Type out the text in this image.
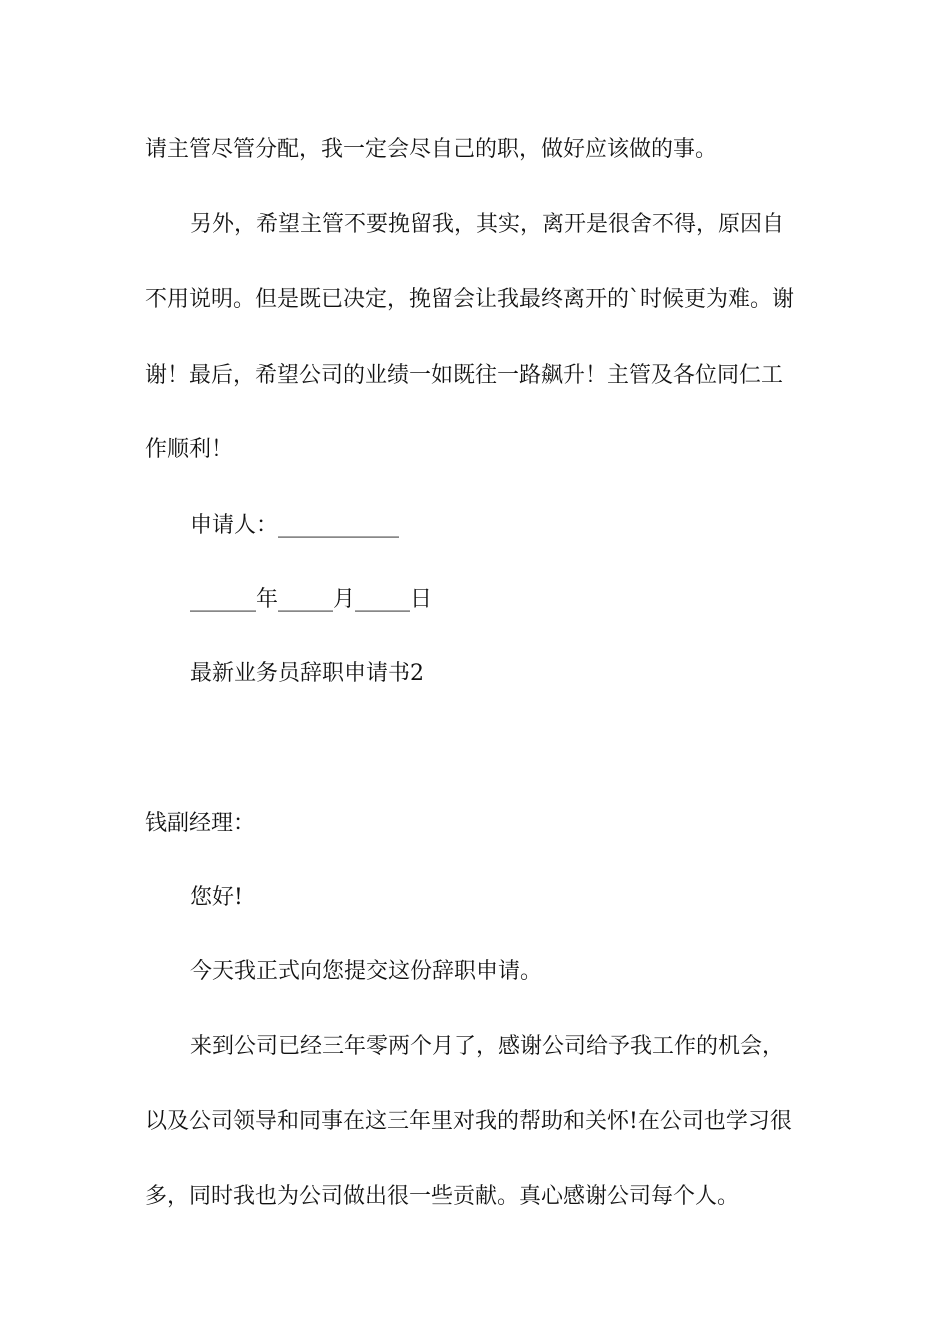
请主管尽管分配，我一定会尽自己的职，做好应该做的事。
另外，希望主管不要挽留我，其实，离开是很舍不得，原因自
不用说明。但是既已决定，挽留会让我最终离开的`时候更为难。谢
谢！最后，希望公司的业绩一如既往一路飙升！主管及各位同仁工
作顺利！
申请人：___________
______年_____月_____日
最新业务员辞职申请书2
钱副经理：
您好!
今天我正式向您提交这份辞职申请。
来到公司已经三年零两个月了，感谢公司给予我工作的机会，
以及公司领导和同事在这三年里对我的帮助和关怀!在公司也学习很
多，同时我也为公司做出很一些贡献。真心感谢公司每个人。
